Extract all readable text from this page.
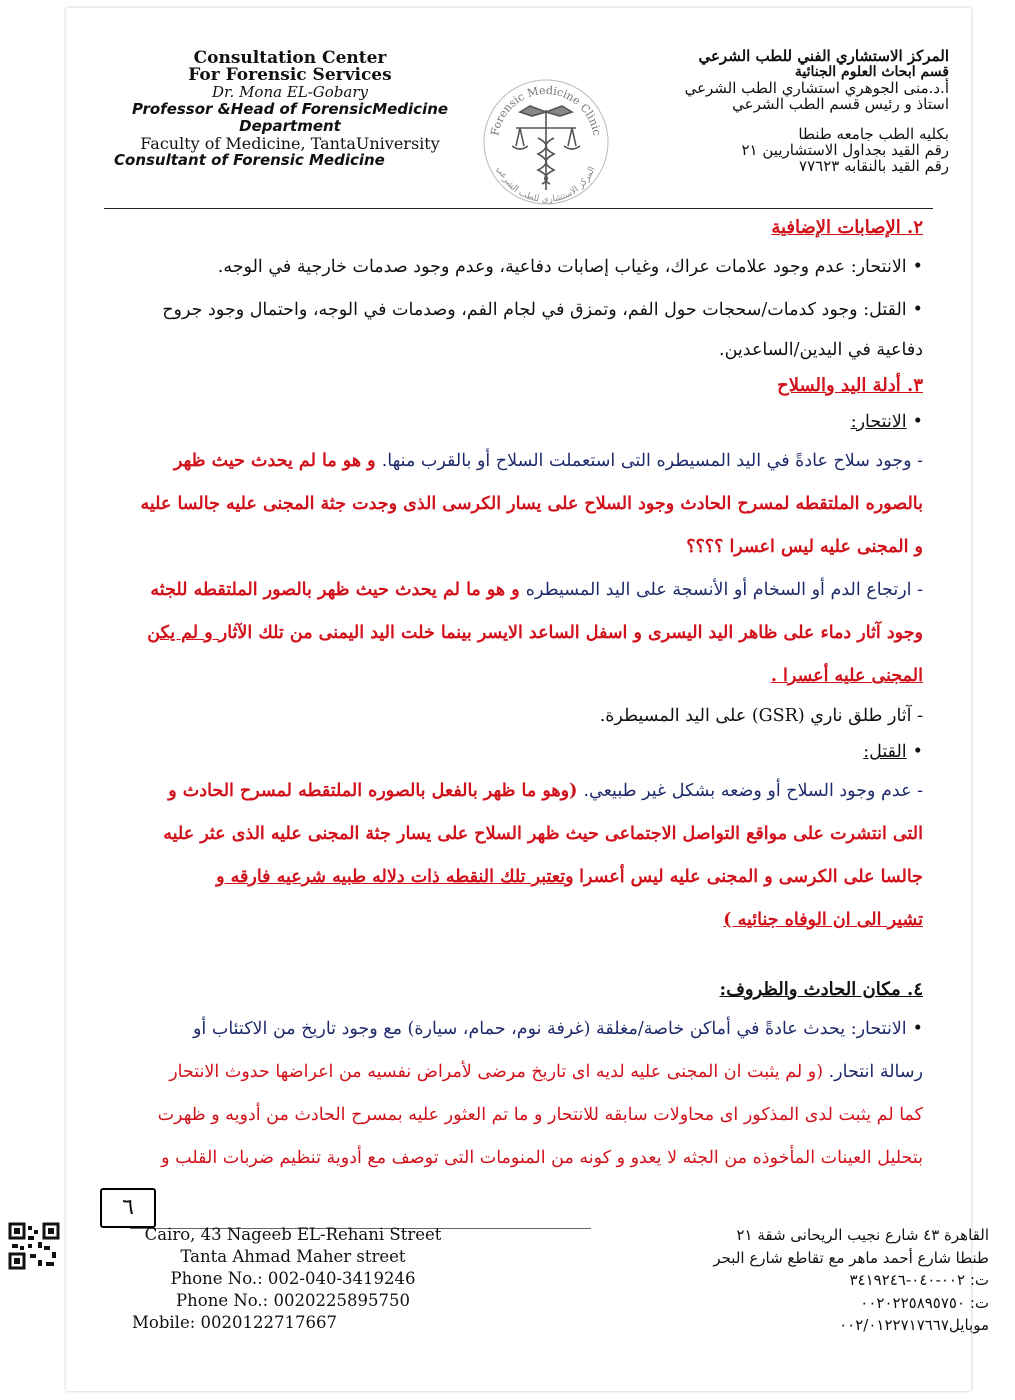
Consultation Center
For Forensic Services
Dr. Mona EL-Gobary
Professor &Head of ForensicMedicine
Department
Faculty of Medicine, TantaUniversity
Consultant of Forensic Medicine
Forensic Medicine Clinic
المركز الاستشاري للطب الشرعي
المركز الاستشاري الفني للطب الشرعي
قسم ابحاث العلوم الجنائية
أ.د.منى الجوهري استشاري الطب الشرعي
استاذ و رئيس قسم الطب الشرعي
بكليه الطب جامعه طنطا
رقم القيد بجداول الاستشاريين ٢١
رقم القيد بالنقابه ٧٧٦٢٣
٢. الإصابات الإضافية
•الانتحار: عدم وجود علامات عراك، وغياب إصابات دفاعية، وعدم وجود صدمات خارجية في الوجه.
•القتل: وجود كدمات/سحجات حول الفم، وتمزق في لجام الفم، وصدمات في الوجه، واحتمال وجود جروح
دفاعية في اليدين/الساعدين.
٣. أدلة اليد والسلاح
•الانتحار:
- وجود سلاح عادةً في اليد المسيطره التى استعملت السلاح أو بالقرب منها. و هو ما لم يحدث حيث ظهر
بالصوره الملتقطه لمسرح الحادث وجود السلاح على يسار الكرسى الذى وجدت جثة المجنى عليه جالسا عليه
و المجنى عليه ليس اعسرا ؟؟؟؟
- ارتجاع الدم أو السخام أو الأنسجة على اليد المسيطره و هو ما لم يحدث حيث ظهر بالصور الملتقطه للجثه
وجود آثار دماء على ظاهر اليد اليسرى و اسفل الساعد الايسر بينما خلت اليد اليمنى من تلك الآثار و لم يكن
المجنى عليه أعسرا .
- آثار طلق ناري (GSR) على اليد المسيطرة.
•القتل:
- عدم وجود السلاح أو وضعه بشكل غير طبيعي. (وهو ما ظهر بالفعل بالصوره الملتقطه لمسرح الحادث و
التى انتشرت على مواقع التواصل الاجتماعى حيث ظهر السلاح على يسار جثة المجنى عليه الذى عثر عليه
جالسا على الكرسى و المجنى عليه ليس أعسرا وتعتبر تلك النقطه ذات دلاله طبيه شرعيه فارقه و
تشير الى ان الوفاه جنائيه )
٤. مكان الحادث والظروف:
•الانتحار: يحدث عادةً في أماكن خاصة/مغلقة (غرفة نوم، حمام، سيارة) مع وجود تاريخ من الاكتئاب أو
رسالة انتحار. (و لم يثبت ان المجنى عليه لديه اى تاريخ مرضى لأمراض نفسيه من اعراضها حدوث الانتحار
كما لم يثبت لدى المذكور اى محاولات سابقه للانتحار و ما تم العثور عليه بمسرح الحادث من أدويه و ظهرت
بتحليل العينات المأخوذه من الجثه لا يعدو و كونه من المنومات التى توصف مع أدوية تنظيم ضربات القلب و
٦
Cairo, 43 Nageeb EL-Rehani Street
Tanta Ahmad Maher street
Phone No.: 002-040-3419246
Phone No.: 0020225895750
Mobile: 0020122717667
القاهرة ٤٣ شارع نجيب الريحانى شقة ٢١
طنطا شارع أحمد ماهر مع تقاطع شارع البحر
ت: ٠٠٢-٠٤٠-٣٤١٩٢٤٦
ت: ٠٠٢٠٢٢٥٨٩٥٧٥٠
موبايل٠٠٢/٠١٢٢٧١٧٦٦٧
